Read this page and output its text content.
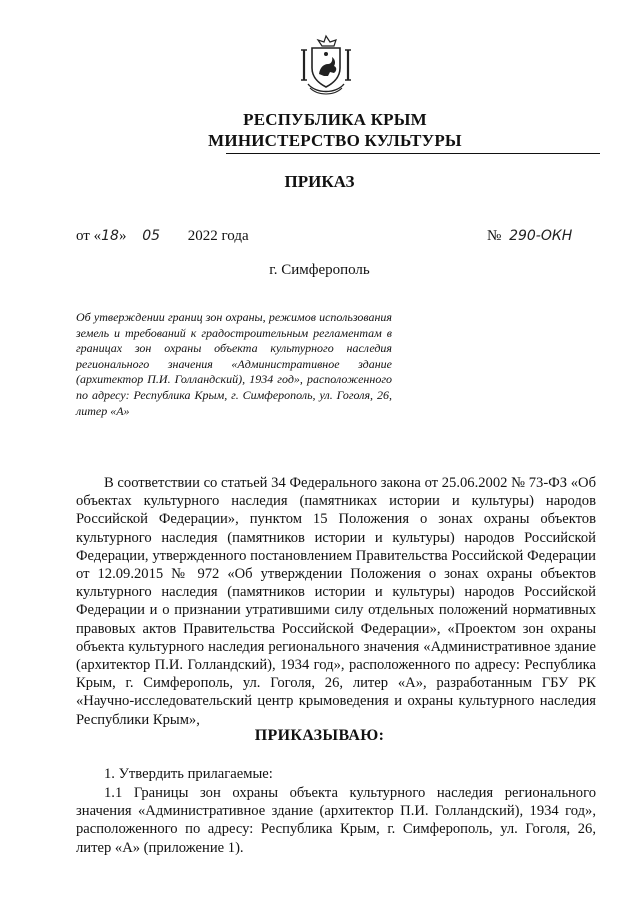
РЕСПУБЛИКА КРЫМ
МИНИСТЕРСТВО КУЛЬТУРЫ
ПРИКАЗ
от «18» 05 2022 года	№ 290-ОКН
г. Симферополь
Об утверждении границ зон охраны, режимов использования земель и требований к градостроительным регламентам в границах зон охраны объекта культурного наследия регионального значения «Административное здание (архитектор П.И. Голландский), 1934 год», расположенного по адресу: Республика Крым, г. Симферополь, ул. Гоголя, 26, литер «А»
В соответствии со статьей 34 Федерального закона от 25.06.2002 № 73-ФЗ «Об объектах культурного наследия (памятниках истории и культуры) народов Российской Федерации», пунктом 15 Положения о зонах охраны объектов культурного наследия (памятников истории и культуры) народов Российской Федерации, утвержденного постановлением Правительства Российской Федерации от 12.09.2015 № 972 «Об утверждении Положения о зонах охраны объектов культурного наследия (памятников истории и культуры) народов Российской Федерации и о признании утратившими силу отдельных положений нормативных правовых актов Правительства Российской Федерации», «Проектом зон охраны объекта культурного наследия регионального значения «Административное здание (архитектор П.И. Голландский), 1934 год», расположенного по адресу: Республика Крым, г. Симферополь, ул. Гоголя, 26, литер «А», разработанным ГБУ РК «Научно-исследовательский центр крымоведения и охраны культурного наследия Республики Крым»,
ПРИКАЗЫВАЮ:
1. Утвердить прилагаемые:
1.1 Границы зон охраны объекта культурного наследия регионального значения «Административное здание (архитектор П.И. Голландский), 1934 год», расположенного по адресу: Республика Крым, г. Симферополь, ул. Гоголя, 26, литер «А» (приложение 1).
